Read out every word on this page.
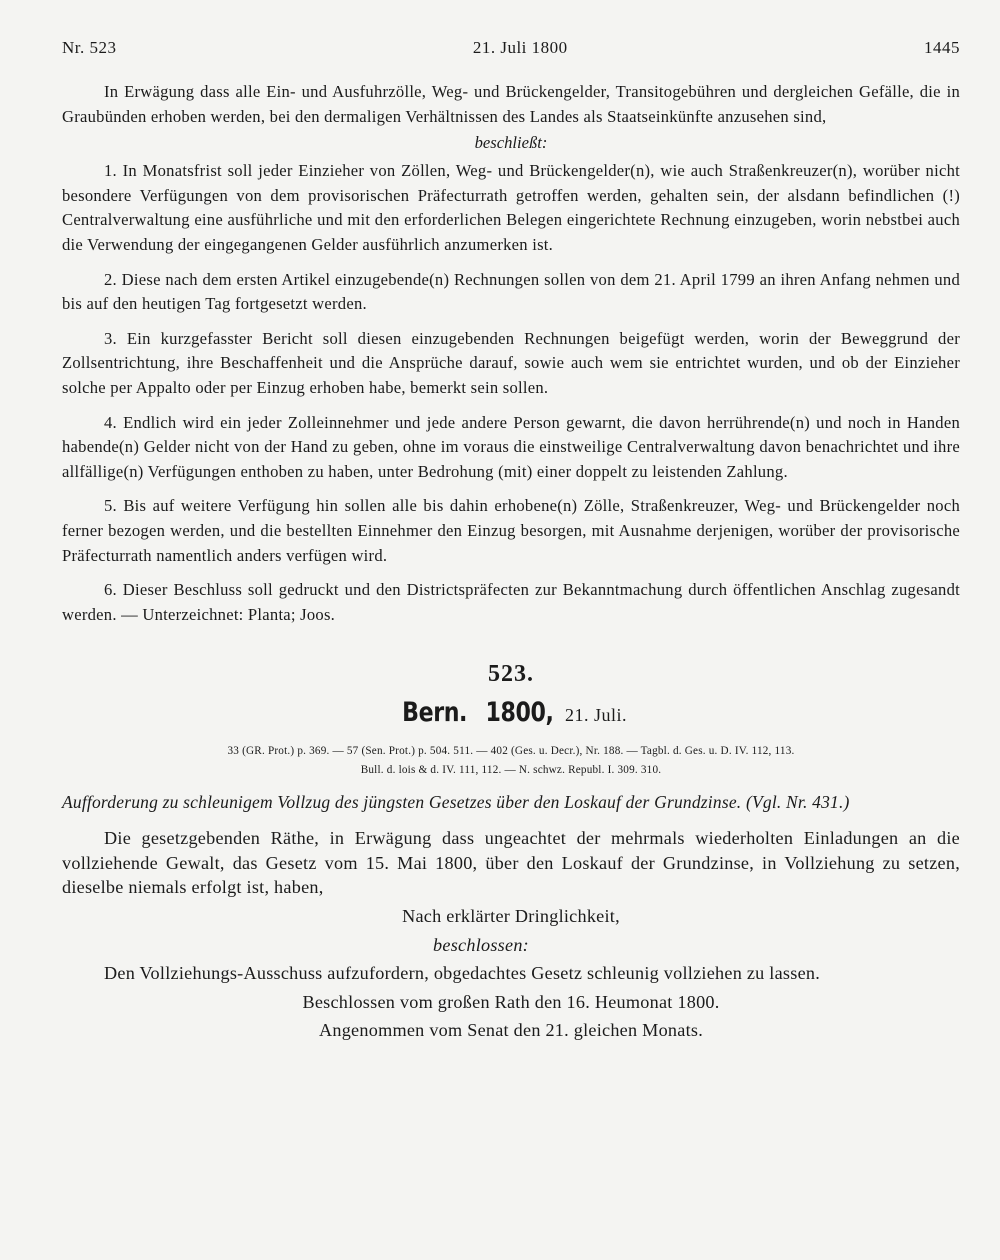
Nr. 523	21. Juli 1800	1445

In Erwägung dass alle Ein- und Ausfuhrzölle, Weg- und Brückengelder, Transitogebühren und dergleichen Gefälle, die in Graubünden erhoben werden, bei den dermaligen Verhältnissen des Landes als Staatseinkünfte anzusehen sind,

beschließt:

1. In Monatsfrist soll jeder Einzieher von Zöllen, Weg- und Brückengelder(n), wie auch Straßenkreuzer(n), worüber nicht besondere Verfügungen von dem provisorischen Präfecturrath getroffen werden, gehalten sein, der alsdann befindlichen (!) Centralverwaltung eine ausführliche und mit den erforderlichen Belegen eingerichtete Rechnung einzugeben, worin nebstbei auch die Verwendung der eingegangenen Gelder ausführlich anzumerken ist.

2. Diese nach dem ersten Artikel einzugebende(n) Rechnungen sollen von dem 21. April 1799 an ihren Anfang nehmen und bis auf den heutigen Tag fortgesetzt werden.

3. Ein kurzgefasster Bericht soll diesen einzugebenden Rechnungen beigefügt werden, worin der Beweggrund der Zollsentrichtung, ihre Beschaffenheit und die Ansprüche darauf, sowie auch wem sie entrichtet wurden, und ob der Einzieher solche per Appalto oder per Einzug erhoben habe, bemerkt sein sollen.

4. Endlich wird ein jeder Zolleinnehmer und jede andere Person gewarnt, die davon herrührende(n) und noch in Handen habende(n) Gelder nicht von der Hand zu geben, ohne im voraus die einstweilige Centralverwaltung davon benachrichtet und ihre allfällige(n) Verfügungen enthoben zu haben, unter Bedrohung (mit) einer doppelt zu leistenden Zahlung.

5. Bis auf weitere Verfügung hin sollen alle bis dahin erhobene(n) Zölle, Straßenkreuzer, Weg- und Brückengelder noch ferner bezogen werden, und die bestellten Einnehmer den Einzug besorgen, mit Ausnahme derjenigen, worüber der provisorische Präfecturrath namentlich anders verfügen wird.

6. Dieser Beschluss soll gedruckt und den Districtspräfecten zur Bekanntmachung durch öffentlichen Anschlag zugesandt werden. — Unterzeichnet: Planta; Joos.

523.
Bern. 1800, 21. Juli.
33 (GR. Prot.) p. 369. — 57 (Sen. Prot.) p. 504. 511. — 402 (Ges. u. Decr.), Nr. 188. — Tagbl. d. Ges. u. D. IV. 112, 113.
Bull. d. lois & d. IV. 111, 112. — N. schwz. Republ. I. 309. 310.
Aufforderung zu schleunigem Vollzug des jüngsten Gesetzes über den Loskauf der Grundzinse. (Vgl. Nr. 431.)

Die gesetzgebenden Räthe, in Erwägung dass ungeachtet der mehrmals wiederholten Einladungen an die vollziehende Gewalt, das Gesetz vom 15. Mai 1800, über den Loskauf der Grundzinse, in Vollziehung zu setzen, dieselbe niemals erfolgt ist, haben,

Nach erklärter Dringlichkeit,

beschlossen:

Den Vollziehungs-Ausschuss aufzufordern, obgedachtes Gesetz schleunig vollziehen zu lassen.

Beschlossen vom großen Rath den 16. Heumonat 1800.

Angenommen vom Senat den 21. gleichen Monats.
